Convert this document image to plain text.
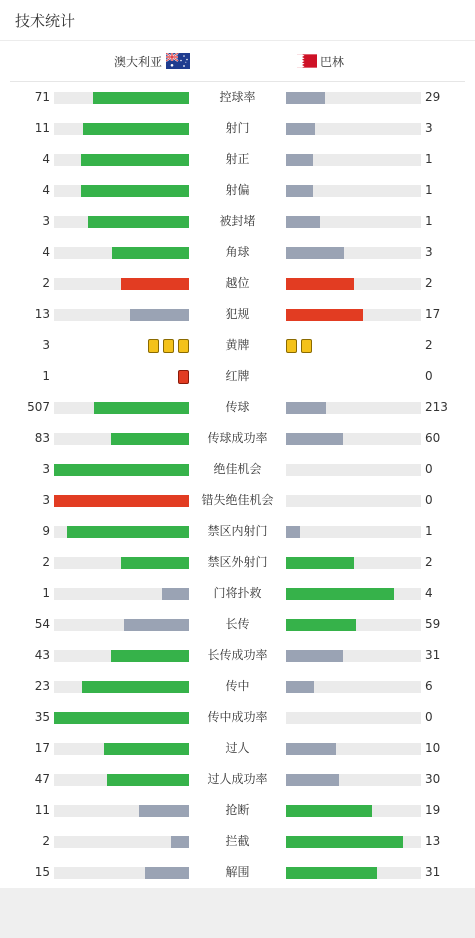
技术统计
澳大利亚	巴林
71	控球率	29
11	射门	3
4	射正	1
4	射偏	1
3	被封堵	1
4	角球	3
2	越位	2
13	犯规	17
3	黄牌	2
1	红牌	0
507	传球	213
83	传球成功率	60
3	绝佳机会	0
3	错失绝佳机会	0
9	禁区内射门	1
2	禁区外射门	2
1	门将扑救	4
54	长传	59
43	长传成功率	31
23	传中	6
35	传中成功率	0
17	过人	10
47	过人成功率	30
11	抢断	19
2	拦截	13
15	解围	31
